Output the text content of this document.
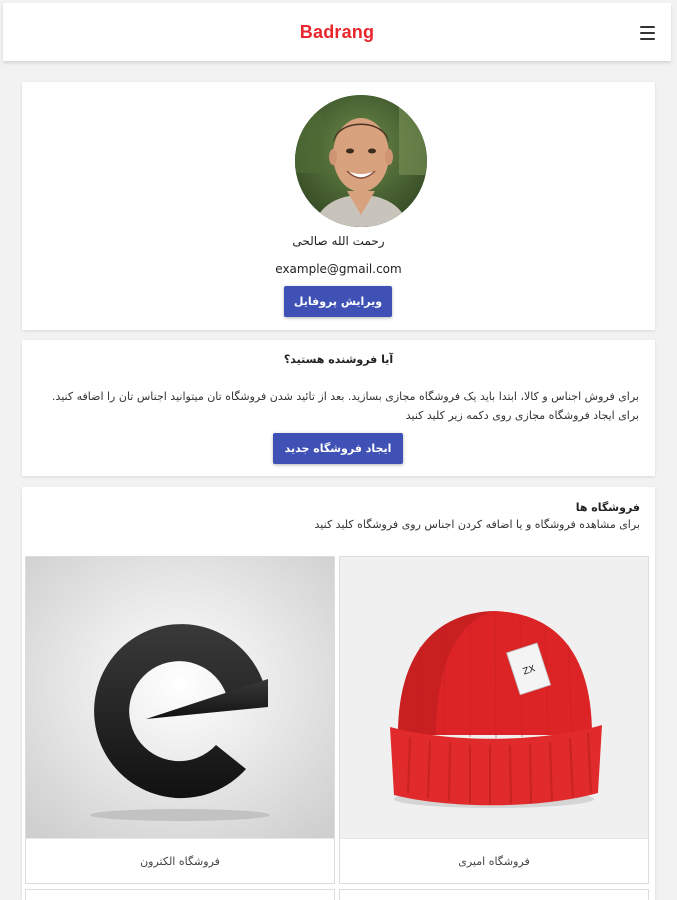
Badrang
رحمت الله صالحی
example@gmail.com
ویرایش پروفایل
آیا فروشنده هستید؟
برای فروش اجناس و کالا، ابتدا باید یک فروشگاه مجازی بسازید. بعد از تائید شدن فروشگاه تان میتوانید اجناس تان را اضافه کنید. برای ایجاد فروشگاه مجازی روی دکمه زیر کلید کنید
ایجاد فروشگاه جدید
فروشگاه ها
برای مشاهده فروشگاه و یا اضافه کردن اجناس روی فروشگاه کلید کنید
ZX
فروشگاه امیری
فروشگاه الکترون
